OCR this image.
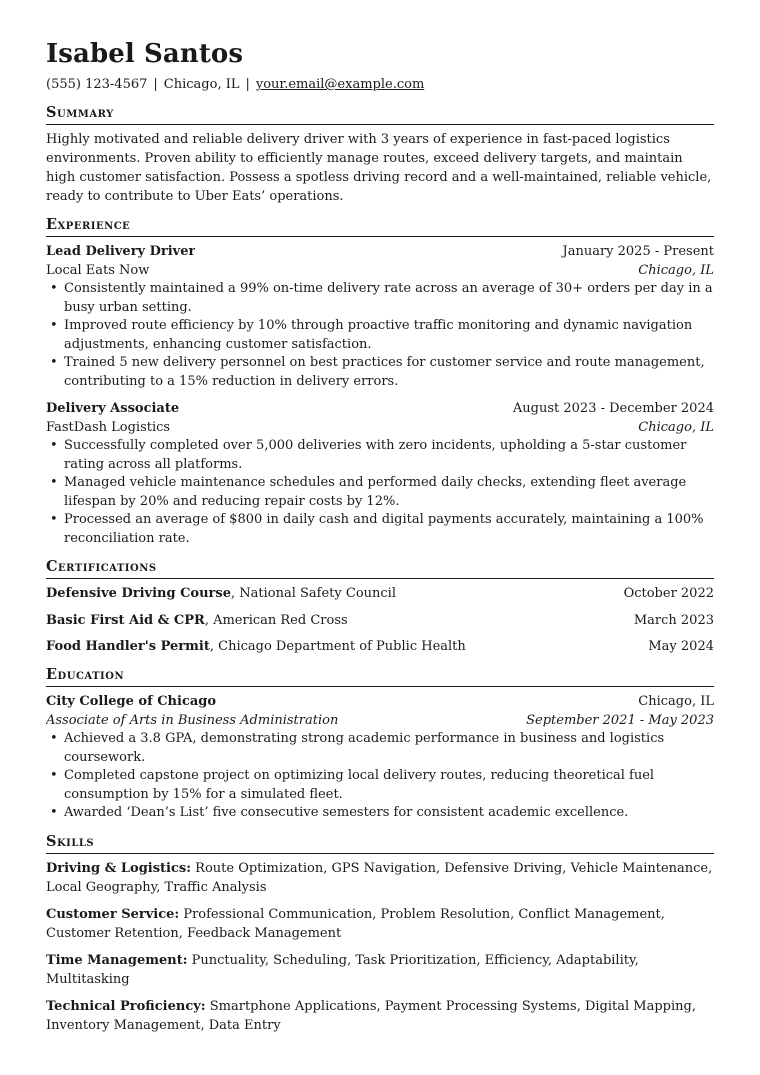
Isabel Santos
(555) 123-4567 | Chicago, IL | your.email@example.com
Summary
Highly motivated and reliable delivery driver with 3 years of experience in fast-paced logistics environments. Proven ability to efficiently manage routes, exceed delivery targets, and maintain high customer satisfaction. Possess a spotless driving record and a well-maintained, reliable vehicle, ready to contribute to Uber Eats’ operations.
Experience
Lead Delivery Driver	January 2025 - Present
Local Eats Now	Chicago, IL
• Consistently maintained a 99% on-time delivery rate across an average of 30+ orders per day in a busy urban setting.
• Improved route efficiency by 10% through proactive traffic monitoring and dynamic navigation adjustments, enhancing customer satisfaction.
• Trained 5 new delivery personnel on best practices for customer service and route management, contributing to a 15% reduction in delivery errors.
Delivery Associate	August 2023 - December 2024
FastDash Logistics	Chicago, IL
• Successfully completed over 5,000 deliveries with zero incidents, upholding a 5-star customer rating across all platforms.
• Managed vehicle maintenance schedules and performed daily checks, extending fleet average lifespan by 20% and reducing repair costs by 12%.
• Processed an average of $800 in daily cash and digital payments accurately, maintaining a 100% reconciliation rate.
Certifications
Defensive Driving Course, National Safety Council	October 2022
Basic First Aid & CPR, American Red Cross	March 2023
Food Handler's Permit, Chicago Department of Public Health	May 2024
Education
City College of Chicago	Chicago, IL
Associate of Arts in Business Administration	September 2021 - May 2023
• Achieved a 3.8 GPA, demonstrating strong academic performance in business and logistics coursework.
• Completed capstone project on optimizing local delivery routes, reducing theoretical fuel consumption by 15% for a simulated fleet.
• Awarded ‘Dean’s List’ five consecutive semesters for consistent academic excellence.
Skills
Driving & Logistics: Route Optimization, GPS Navigation, Defensive Driving, Vehicle Maintenance, Local Geography, Traffic Analysis
Customer Service: Professional Communication, Problem Resolution, Conflict Management, Customer Retention, Feedback Management
Time Management: Punctuality, Scheduling, Task Prioritization, Efficiency, Adaptability, Multitasking
Technical Proficiency: Smartphone Applications, Payment Processing Systems, Digital Mapping, Inventory Management, Data Entry
